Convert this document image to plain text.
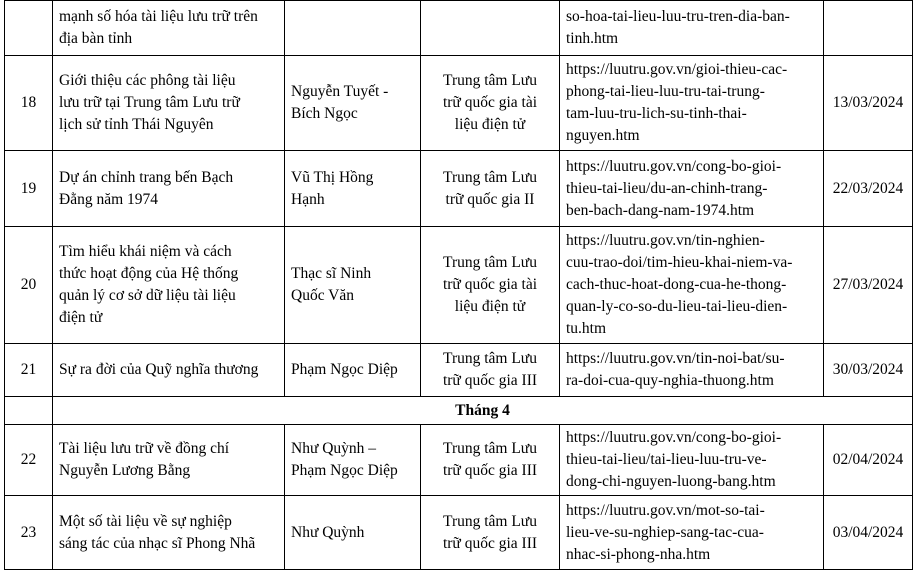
	mạnh số hóa tài liệu lưu trữ trên
địa bàn tỉnh			so-hoa-tai-lieu-luu-tru-tren-dia-ban-
tinh.htm	
18	Giới thiệu các phông tài liệu
lưu trữ tại Trung tâm Lưu trữ
lịch sử tỉnh Thái Nguyên	Nguyễn Tuyết -
Bích Ngọc	Trung tâm Lưu
trữ quốc gia tài
liệu điện tử	https://luutru.gov.vn/gioi-thieu-cac-
phong-tai-lieu-luu-tru-tai-trung-
tam-luu-tru-lich-su-tinh-thai-
nguyen.htm	13/03/2024
19	Dự án chỉnh trang bến Bạch
Đằng năm 1974	Vũ Thị Hồng
Hạnh	Trung tâm Lưu
trữ quốc gia II	https://luutru.gov.vn/cong-bo-gioi-
thieu-tai-lieu/du-an-chinh-trang-
ben-bach-dang-nam-1974.htm	22/03/2024
20	Tìm hiểu khái niệm và cách
thức hoạt động của Hệ thống
quản lý cơ sở dữ liệu tài liệu
điện tử	Thạc sĩ Ninh
Quốc Văn	Trung tâm Lưu
trữ quốc gia tài
liệu điện tử	https://luutru.gov.vn/tin-nghien-
cuu-trao-doi/tim-hieu-khai-niem-va-
cach-thuc-hoat-dong-cua-he-thong-
quan-ly-co-so-du-lieu-tai-lieu-dien-
tu.htm	27/03/2024
21	Sự ra đời của Quỹ nghĩa thương	Phạm Ngọc Diệp	Trung tâm Lưu
trữ quốc gia III	https://luutru.gov.vn/tin-noi-bat/su-
ra-doi-cua-quy-nghia-thuong.htm	30/03/2024
	Tháng 4				
22	Tài liệu lưu trữ về đồng chí
Nguyễn Lương Bằng	Như Quỳnh –
Phạm Ngọc Diệp	Trung tâm Lưu
trữ quốc gia III	https://luutru.gov.vn/cong-bo-gioi-
thieu-tai-lieu/tai-lieu-luu-tru-ve-
dong-chi-nguyen-luong-bang.htm	02/04/2024
23	Một số tài liệu về sự nghiệp
sáng tác của nhạc sĩ Phong Nhã	Như Quỳnh	Trung tâm Lưu
trữ quốc gia III	https://luutru.gov.vn/mot-so-tai-
lieu-ve-su-nghiep-sang-tac-cua-
nhac-si-phong-nha.htm	03/04/2024
